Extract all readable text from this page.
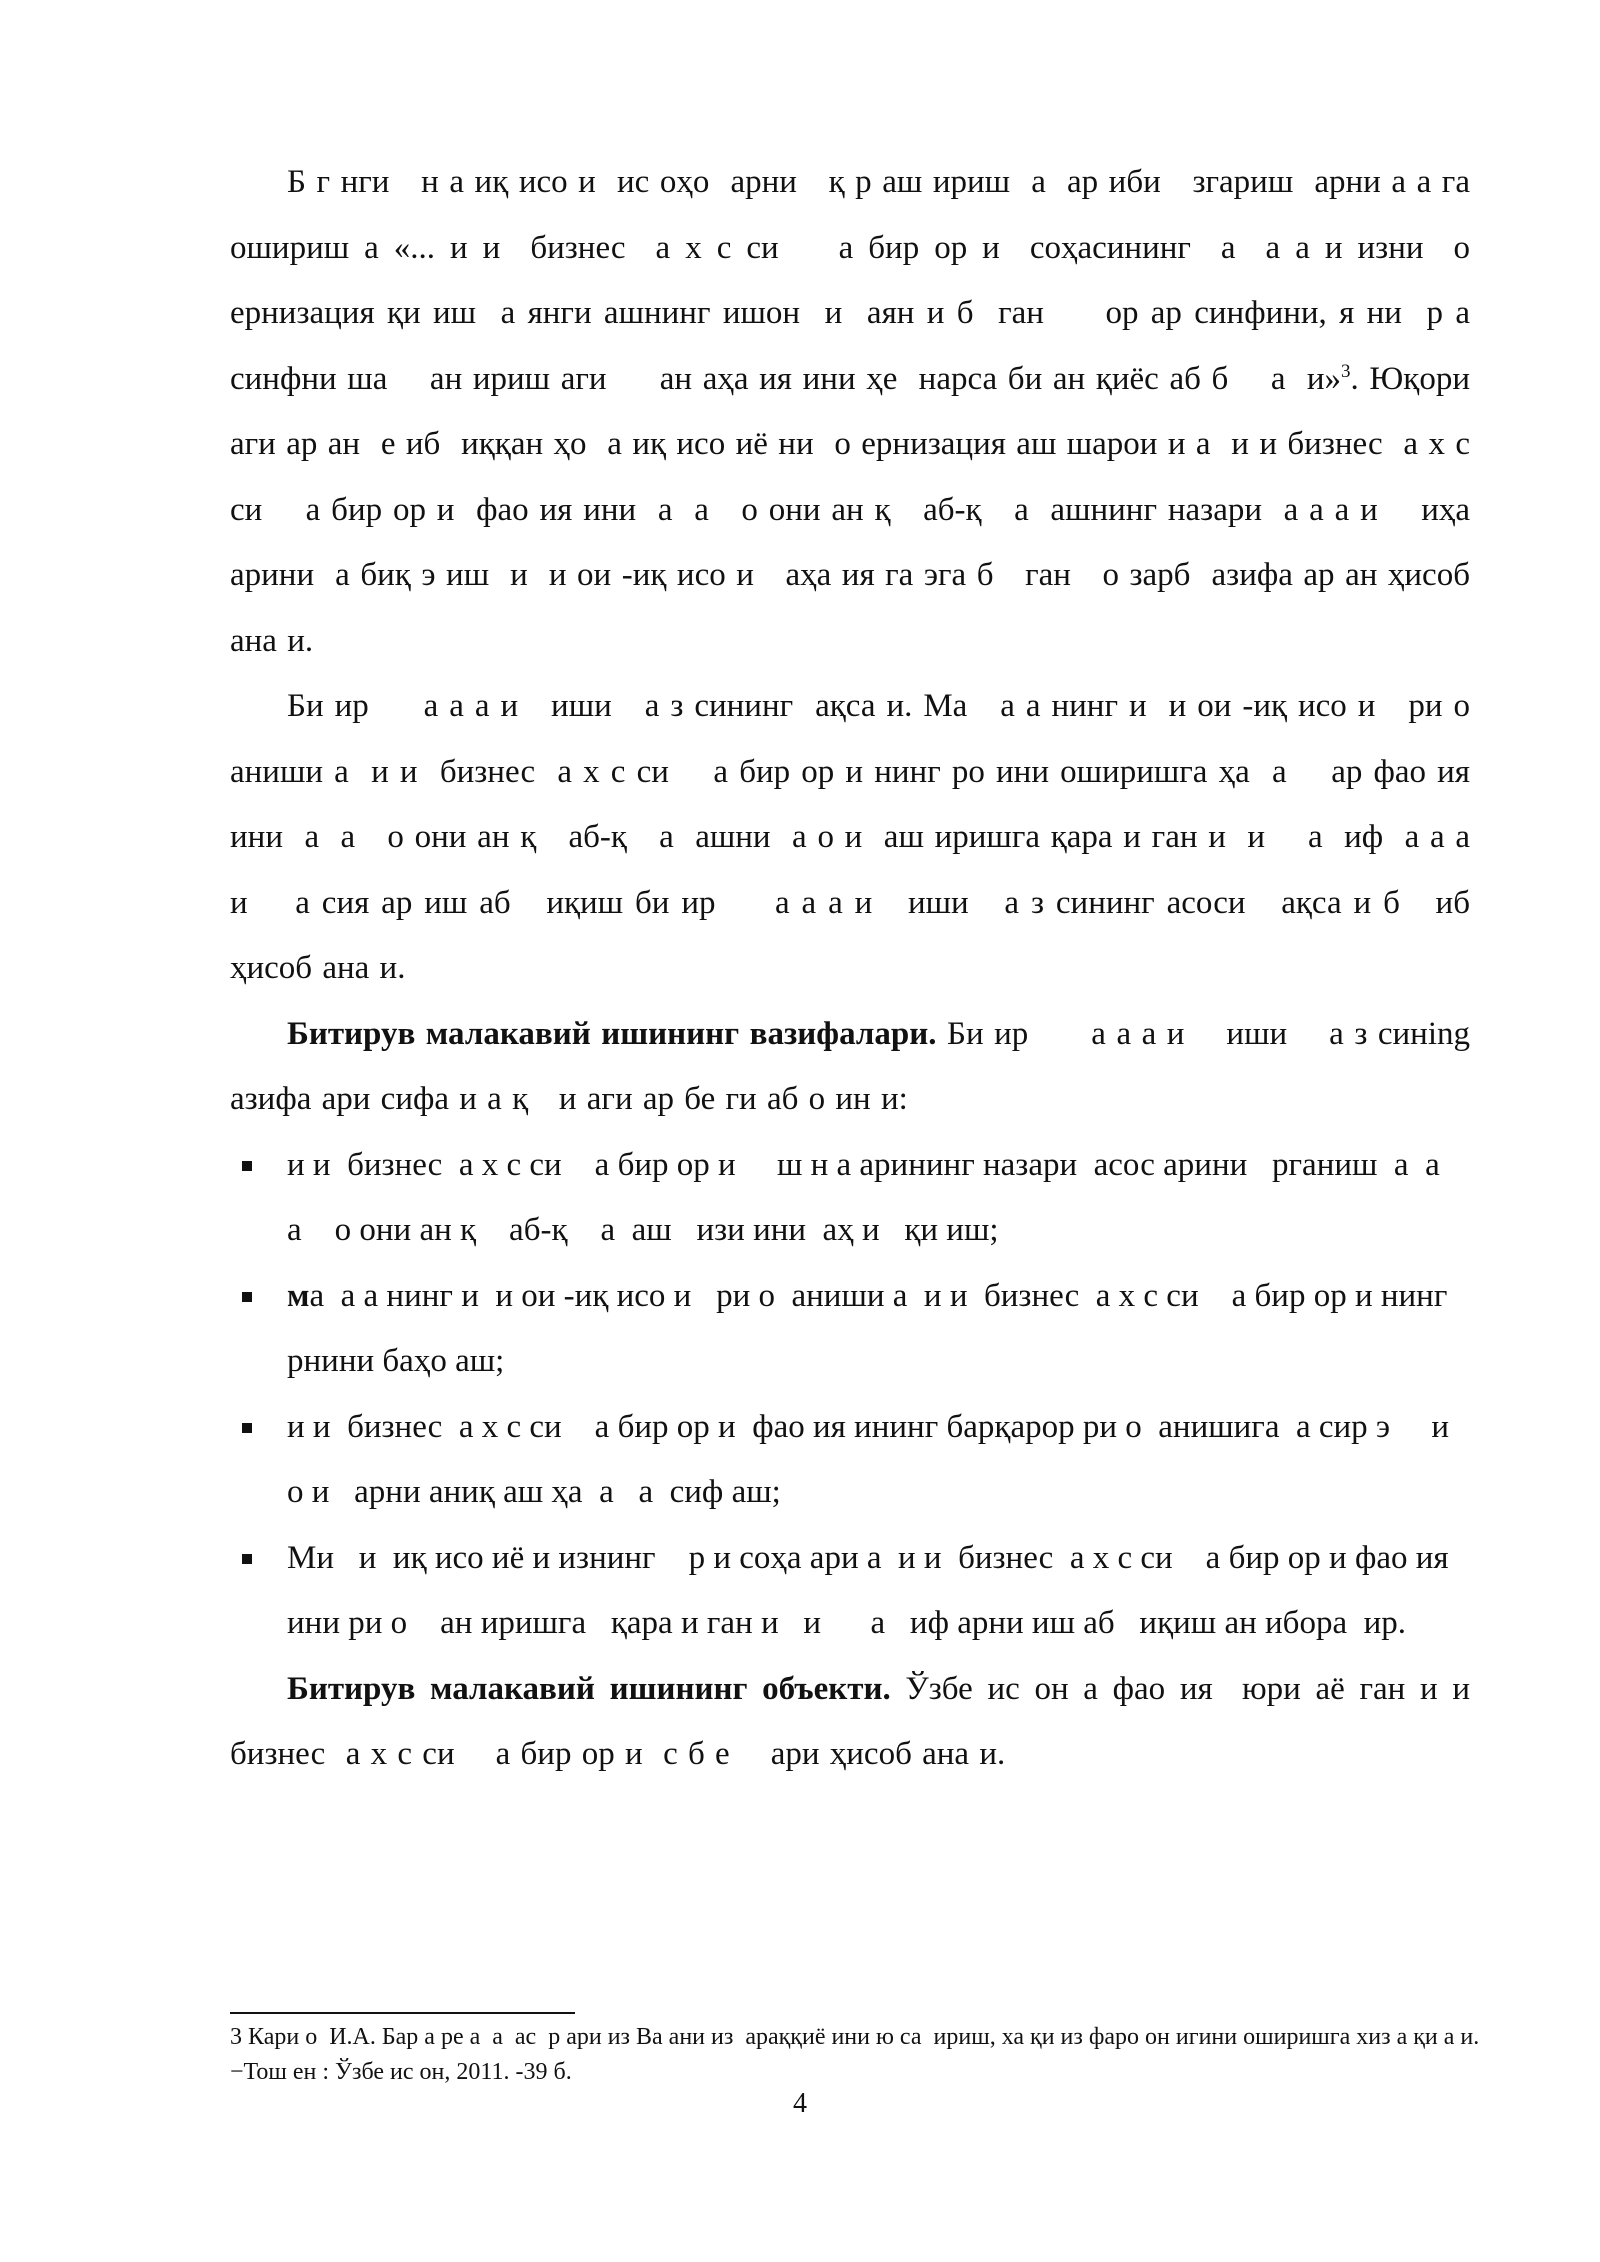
Б г нги   н а иқ исо и  ис оҳо  арни   қ р аш ириш  а  ар иби   згариш  арни а а га ошириш а «... и и  бизнес  а х с си    а бир ор и  соҳасининг  а  а а и изни  о ернизация қи иш  а янги ашнинг ишон  и  аян и б  ган     ор ар синфини, я ни  р а синфни ша    ан ириш аги     ан аҳа ия ини ҳе  нарса би ан қиёс аб б    а  и»$^3$. Юқори аги ар ан  е иб  иққан ҳо  а иқ исо иё ни  о ернизация аш шарои и а  и и бизнес  а х с си    а бир ор и  фао ия ини  а  а   о они ан қ   аб-қ   а  ашнинг назари  а а а и    иҳа  арини  а биқ э иш  и  и ои -иқ исо и   аҳа ия га эга б   ган   о зарб  азифа ар ан ҳисоб ана и.

Би ир     а а а и   иши   а з сининг  ақса и. Ма   а а нинг и  и ои -иқ исо и   ри о аниши а  и и  бизнес  а х с си    а бир ор и нинг ро ини оширишга ҳа  а    ар фао ия ини  а  а   о они ан қ   аб-қ   а  ашни  а о и  аш иришга қара и ган и  и    а  иф  а а а и    а сия ар иш аб   иқиш би ир     а а а и   иши   а з сининг асоси   ақса и б   иб ҳисоб ана и.

Битирув малакавий ишининг вазифалари. Би ир      а а а и    иши    а з синing  азифа ари сифа и а қ   и аги ар бе ги аб о ин и:

и и  бизнес  а х с си    а бир ор и     ш н а арининг назари  асос арини   рганиш  а  а   а    о они ан қ    аб-қ    а  аш   изи ини  аҳ и   қи иш;
ма  а а нинг и  и ои -иқ исо и   ри о  аниши а  и и  бизнес  а х с си    а бир ор и нинг    рнини баҳо аш;
и и  бизнес  а х с си    а бир ор и  фао ия ининг барқарор ри о  анишига  а сир э     и о и   арни аниқ аш ҳа  а   а  сиф аш;
Ми   и  иқ исо иё и изнинг    р и соҳа ари а  и и  бизнес  а х с си    а бир ор и фао ия ини ри о    ан иришга   қара и ган и   и      а   иф арни иш аб   иқиш ан ибора  ир.

Битирув малакавий ишининг объекти. Ўзбе ис он а фао ия  юри аё ган и и  бизнес  а х с си    а бир ор и  с б е    ари ҳисоб ана и.

3 Кари о  И.А. Бар а ре а  а  ас  р ари из Ва ани из  араққиё ини ю са  ириш, ха қи из фаро он игини оширишга хиз а қи а и. −Тош ен : Ўзбе ис он, 2011. -39 б.
4
